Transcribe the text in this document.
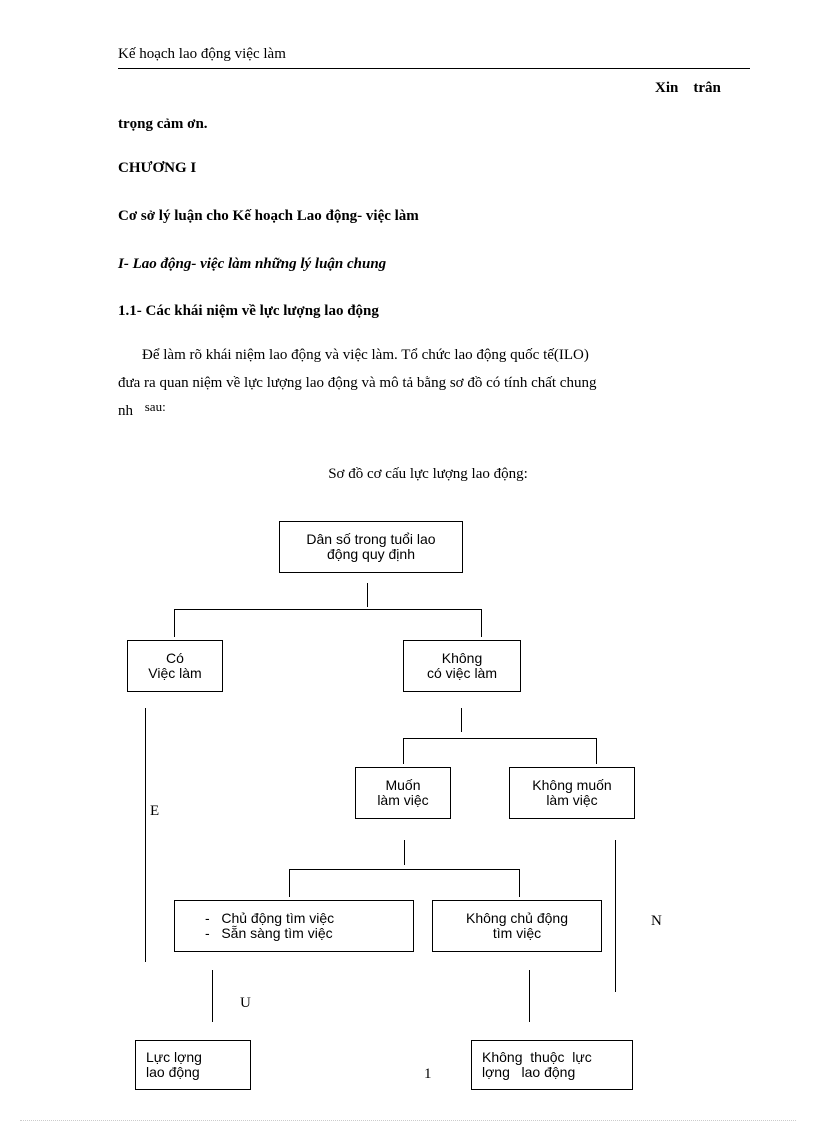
Kế hoạch lao động việc làm
Xin    trân
trọng cảm ơn.
CHƯƠNG I
Cơ sở lý luận cho Kế hoạch Lao động- việc làm
I- Lao động- việc làm những lý luận chung
1.1- Các khái niệm về lực lượng lao động
Để làm rõ khái niệm lao động và việc làm. Tổ chức lao động quốc tế(ILO)
đưa ra quan niệm về lực lượng lao động và mô tả bằng sơ đồ có tính chất chung
nh sau:
Sơ đồ cơ cấu lực lượng lao động:
Dân số trong tuổi lao
động quy định
Có
Việc làm
Không
có việc làm
Muốn
làm việc
Không muốn
làm việc
-   Chủ động tìm việc
-   Sẵn sàng tìm việc
Không chủ động
tìm việc
Lực lợng
lao động
Không  thuộc  lực
lợng   lao động
E
U
N
1
